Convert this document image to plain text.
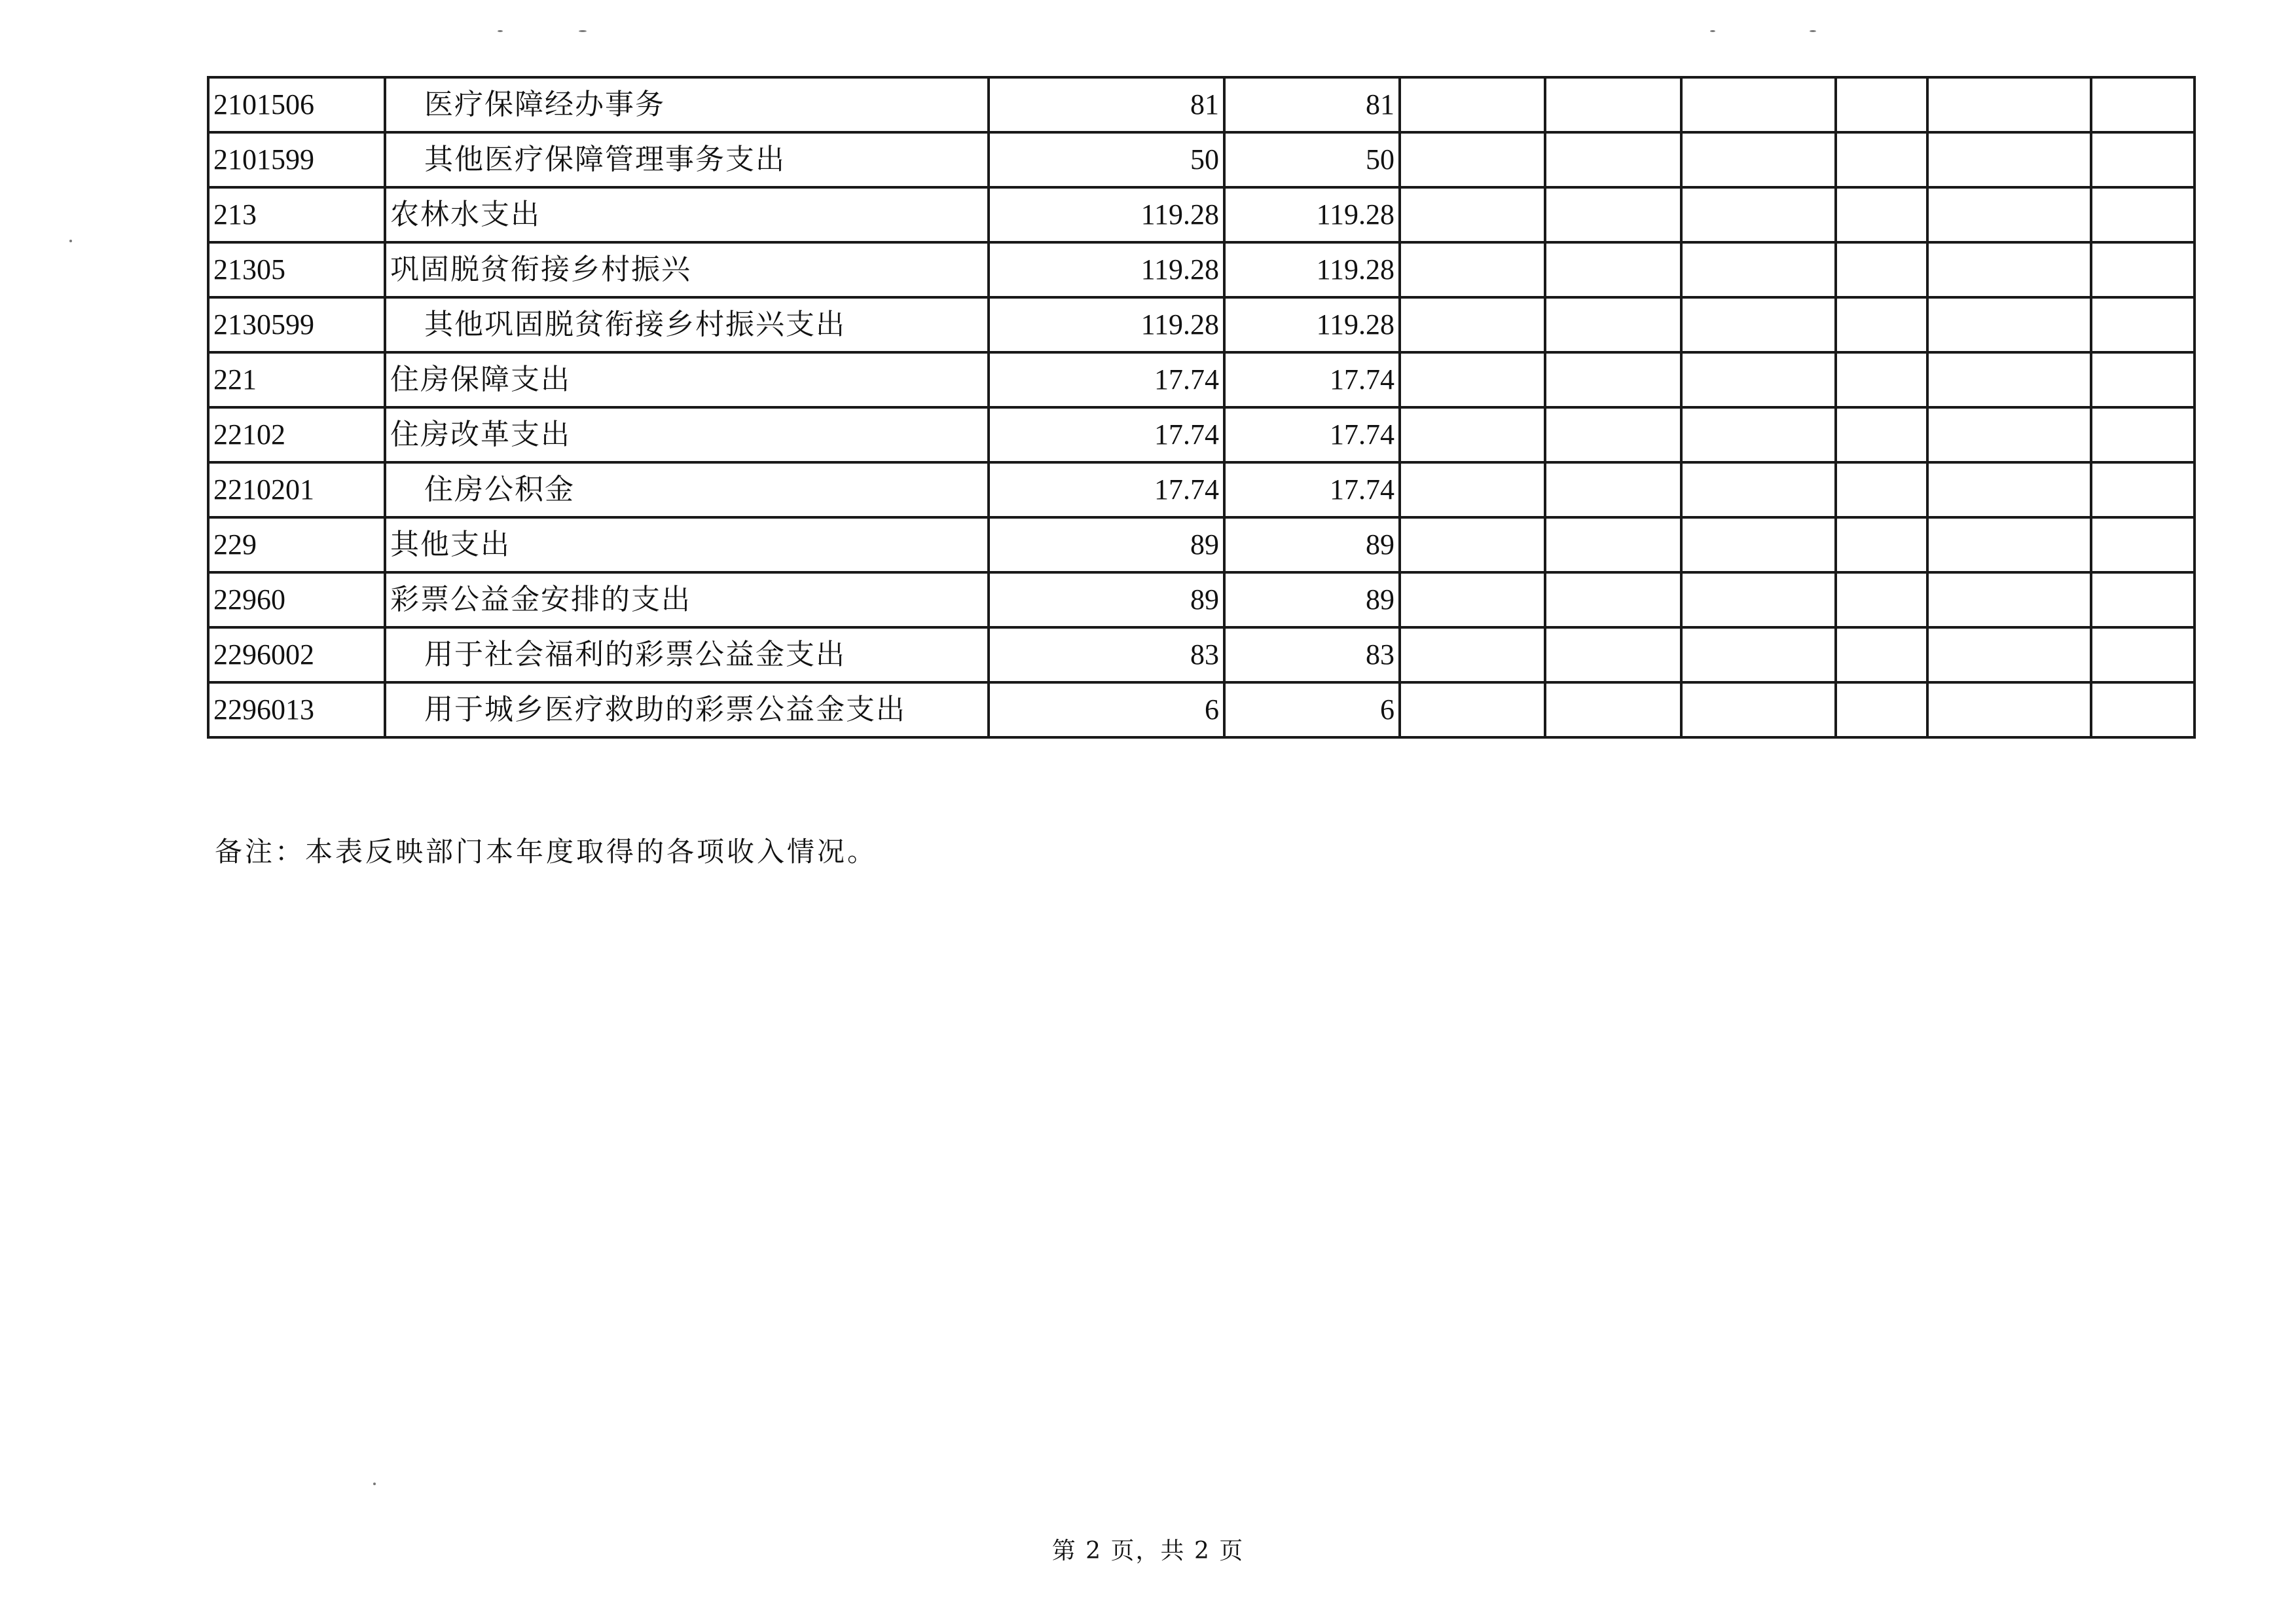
2101506	医疗保障经办事务	81	81						
2101599	其他医疗保障管理事务支出	50	50						
213	农林水支出	119.28	119.28						
21305	巩固脱贫衔接乡村振兴	119.28	119.28						
2130599	其他巩固脱贫衔接乡村振兴支出	119.28	119.28						
221	住房保障支出	17.74	17.74						
22102	住房改革支出	17.74	17.74						
2210201	住房公积金	17.74	17.74						
229	其他支出	89	89						
22960	彩票公益金安排的支出	89	89						
2296002	用于社会福利的彩票公益金支出	83	83						
2296013	用于城乡医疗救助的彩票公益金支出	6	6						
备注：本表反映部门本年度取得的各项收入情况。
第 2 页，共 2 页
